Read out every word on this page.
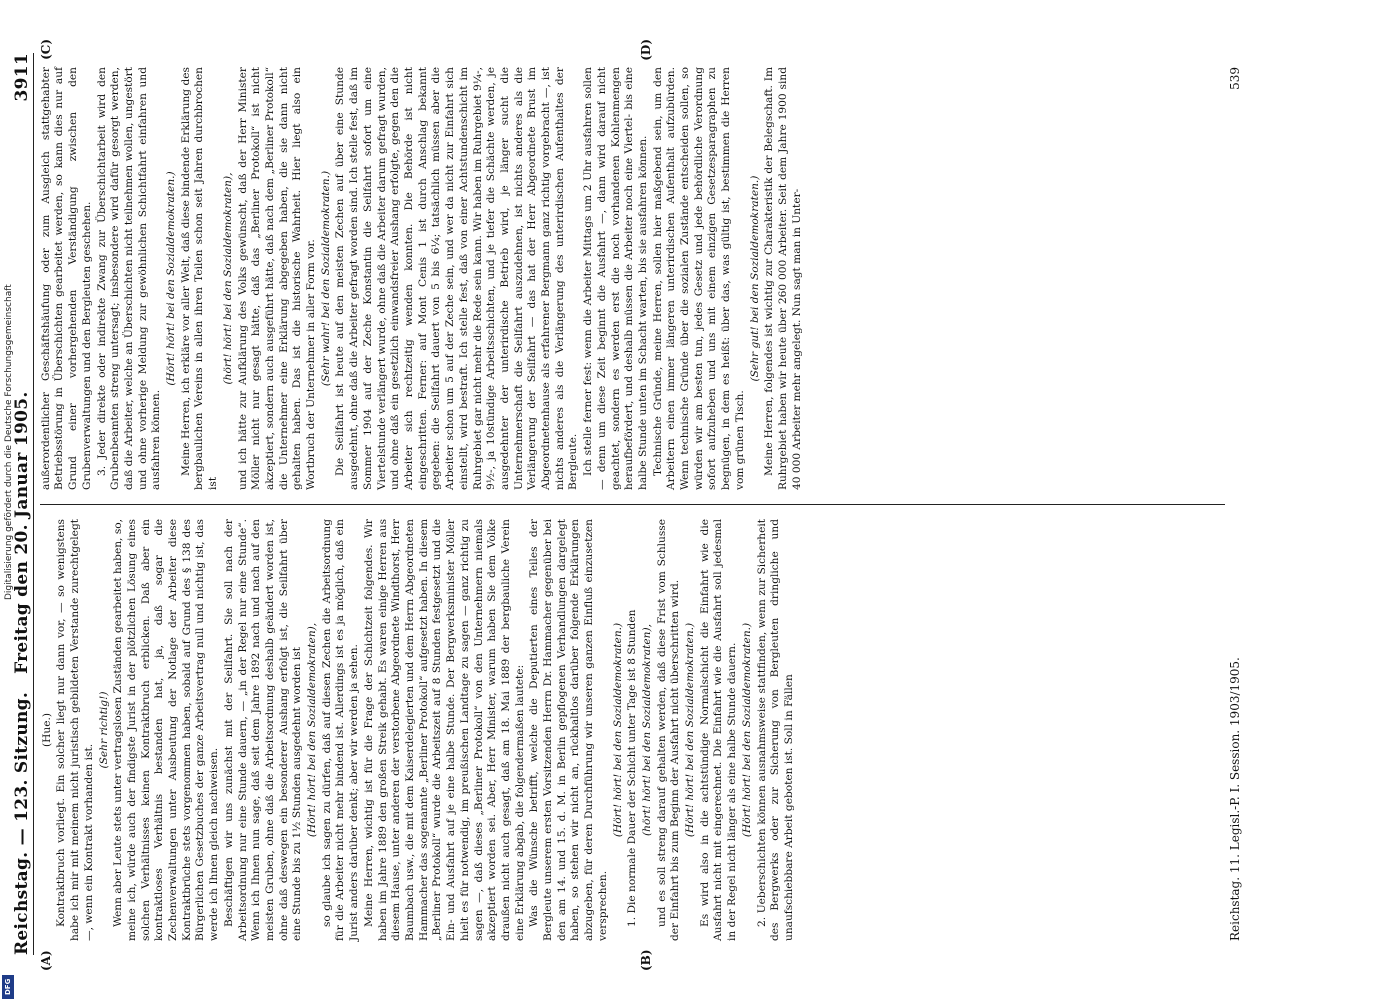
Reichstag. — 123. Sitzung.
Freitag den 20. Januar 1905.
3911

(Hue.) Kontraktbruch vorliegt. Ein solcher liegt nur dann vor, — so wenigstens habe ich mir mit meinem nicht juristisch gebildeten Verstande zurechtgelegt —, wenn ein Kontrakt vorhanden ist.

(Sehr richtig!) Wenn aber Leute stets unter vertragslosen Zuständen gearbeitet haben, so, meine ich, würde auch der findigste Jurist in der plötzlichen Lösung eines solchen Verhältnisses keinen Kontraktbruch erblicken. Daß aber ein kontraktloses Verhältnis bestanden hat, ja, daß sogar die Zechenverwaltungen unter Ausbeutung der Notlage der Arbeiter diese Kontraktbrüche stets vorgenommen haben, sobald auf Grund des § 138 des Bürgerlichen Gesetzbuches der ganze Arbeitsvertrag null und nichtig ist, das werde ich Ihnen gleich nachweisen. Beschäftigen wir uns zunächst mit der Seilfahrt. Sie soll nach der Arbeitsordnung nur eine Stunde dauern, — „in der Regel nur eine Stunde“. Wenn ich Ihnen nun sage, daß seit dem Jahre 1892 nach und nach auf den meisten Gruben, ohne daß die Arbeitsordnung deshalb geändert worden ist, ohne daß deswegen ein besonderer Aushang erfolgt ist, die Seilfahrt über eine Stunde bis zu 1½ Stunden ausgedehnt worden ist (Hört! hört! bei den Sozialdemokraten), so glaube ich sagen zu dürfen, daß auf diesen Zechen die Arbeitsordnung für die Arbeiter nicht mehr bindend ist. Allerdings ist es ja möglich, daß ein Jurist anders darüber denkt; aber wir werden ja sehen. Meine Herren, wichtig ist für die Frage der Schichtzeit folgendes. Wir haben im Jahre 1889 den großen Streik gehabt. Es waren einige Herren aus diesem Hause, unter anderen der verstorbene Abgeordnete Windthorst, Herr Baumbach usw., die mit dem Kaiserdelegierten und dem Herrn Abgeordneten Hammacher das sogenannte „Berliner Protokoll“ aufgesetzt haben. In diesem „Berliner Protokoll“ wurde die Arbeitszeit auf 8 Stunden festgesetzt und die Ein- und Ausfahrt auf je eine halbe Stunde. Der Bergwerksminister Möller hielt es für notwendig, im preußischen Landtage zu sagen — ganz richtig zu sagen —, daß dieses „Berliner Protokoll“ von den Unternehmern niemals akzeptiert worden sei. Aber, Herr Minister, warum haben Sie dem Volke draußen nicht auch gesagt, daß am 18. Mai 1889 der bergbauliche Verein eine Erklärung abgab, die folgendermaßen lautete: Was die Wünsche betrifft, welche die Deputierten eines Teiles der Bergleute unserem ersten Vorsitzenden Herrn Dr. Hammacher gegenüber bei den am 14. und 15. d. M. in Berlin gepflogenen Verhandlungen dargelegt haben, so stehen wir nicht an, rückhaltlos darüber folgende Erklärungen abzugeben, für deren Durchführung wir unseren ganzen Einfluß einzusetzen versprechen.

(Hört! hört! bei den Sozialdemokraten.) 1. Die normale Dauer der Schicht unter Tage ist 8 Stunden (hört! hört! bei den Sozialdemokraten), und es soll streng darauf gehalten werden, daß diese Frist vom Schlusse der Einfahrt bis zum Beginn der Ausfahrt nicht überschritten wird. (Hört! hört! bei den Sozialdemokraten.) Es wird also in die achtstündige Normalschicht die Einfahrt wie die Ausfahrt nicht mit eingerechnet. Die Einfahrt wie die Ausfahrt soll jedesmal in der Regel nicht länger als eine halbe Stunde dauern. (Hört! hört! bei den Sozialdemokraten.) 2. Ueberschichten können ausnahmsweise stattfinden, wenn zur Sicherheit des Bergwerks oder zur Sicherung von Bergleuten dringliche und unaufschiebbare Arbeit geboten ist. Soll in Fällen

außerordentlicher Geschäftshäufung oder zum Ausgleich stattgehabter Betriebsstörung in Überschichten gearbeitet werden, so kann dies nur auf Grund einer vorhergehenden Verständigung zwischen den Grubenverwaltungen und den Bergleuten geschehen. 3. Jeder direkte oder indirekte Zwang zur Überschichtarbeit wird den Grubenbeamten streng untersagt; insbesondere wird dafür gesorgt werden, daß die Arbeiter, welche an Überschichten nicht teilnehmen wollen, ungestört und ohne vorherige Meldung zur gewöhnlichen Schichtfahrt einfahren und ausfahren können.

(Hört! hört! bei den Sozialdemokraten.) Meine Herren, ich erkläre vor aller Welt, daß diese bindende Erklärung des bergbaulichen Vereins in allen ihren Teilen schon seit Jahren durchbrochen ist

(hört! hört! bei den Sozialdemokraten), und ich hätte zur Aufklärung des Volks gewünscht, daß der Herr Minister Möller nicht nur gesagt hätte, daß das „Berliner Protokoll“ ist nicht akzeptiert, sondern auch ausgeführt hätte, daß nach dem „Berliner Protokoll“ die Unternehmer eine Erklärung abgegeben haben, die sie dann nicht gehalten haben. Das ist die historische Wahrheit. Hier liegt also ein Wortbruch der Unternehmer in aller Form vor. (Sehr wahr! bei den Sozialdemokraten.) Die Seilfahrt ist heute auf den meisten Zechen auf über eine Stunde ausgedehnt, ohne daß die Arbeiter gefragt worden sind. Ich stelle fest, daß im Sommer 1904 auf der Zeche Konstantin die Seilfahrt sofort um eine Viertelstunde verlängert wurde, ohne daß die Arbeiter darum gefragt wurden, und ohne daß ein gesetzlich einwandsfreier Aushang erfolgte, gegen den die Arbeiter sich rechtzeitig wenden konnten. Die Behörde ist nicht eingeschritten. Ferner: auf Mont Cenis 1 ist durch Anschlag bekannt gegeben: die Seilfahrt dauert von 5 bis 6¼; tatsächlich müssen aber die Arbeiter schon um 5 auf der Zeche sein, und wer da nicht zur Einfahrt sich einstellt, wird bestraft. Ich stelle fest, daß von einer Achtstundenschicht im Ruhrgebiet gar nicht mehr die Rede sein kann. Wir haben im Ruhrgebiet 9¼-, 9½-, ja 10stündige Arbeitsschichten, und je tiefer die Schächte werden, je ausgedehnter der unterirdische Betrieb wird, je länger sucht die Unternehmerschaft die Seilfahrt auszudehnen, ist nichts anderes als die Verlängerung der Seilfahrt — das hat der Herr Abgeordnete Brust im Abgeordnetenhause als erfahrener Bergmann ganz richtig vorgebracht —, ist nichts anderes als die Verlängerung des unterirdischen Aufenthaltes der Bergleute. Ich stelle ferner fest: wenn die Arbeiter Mittags um 2 Uhr ausfahren sollen — denn um diese Zeit beginnt die Ausfahrt —, dann wird darauf nicht geachtet, sondern es werden erst die noch vorhandenen Kohlenmengen heraufbefördert, und deshalb müssen die Arbeiter noch eine Viertel- bis eine halbe Stunde unten im Schacht warten, bis sie ausfahren können. Technische Gründe, meine Herren, sollen hier maßgebend sein, um den Arbeitern einen immer längeren unterirdischen Aufenthalt aufzubürden. Wenn technische Gründe über die sozialen Zustände entscheiden sollen, so würden wir am besten tun, jedes Gesetz und jede behördliche Verordnung sofort aufzuheben und uns mit einem einzigen Gesetzesparagraphen zu begnügen, in dem es heißt: über das, was gültig ist, bestimmen die Herren vom grünen Tisch.

(Sehr gut! bei den Sozialdemokraten.) Meine Herren, folgendes ist wichtig zur Charakteristik der Belegschaft. Im Ruhrgebiet haben wir heute über 260 000 Arbeiter. Seit dem Jahre 1900 sind 40 000 Arbeiter mehr angelegt. Nun sagt man in Unter-

(A)	(B)
(C)	(D)
Reichstag. 11. Legisl.-P. I. Session. 1903/1905.
539
Digitalisierung gefördert durch die Deutsche Forschungsgemeinschaft
DFG
